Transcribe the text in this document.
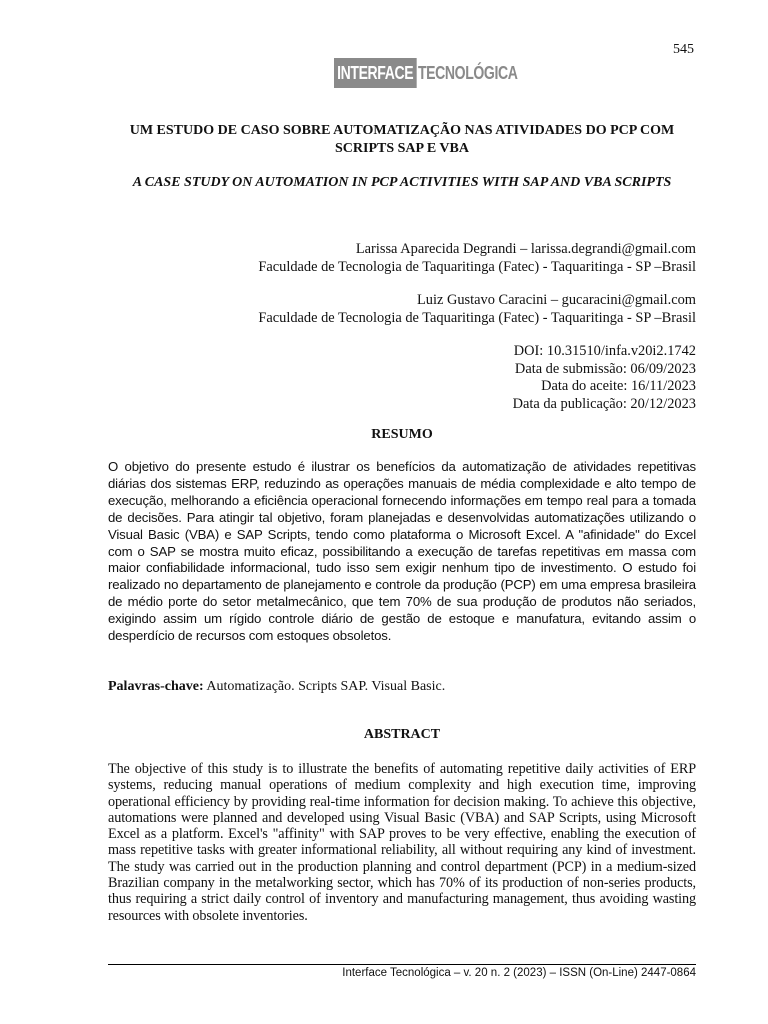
545
INTERFACE TECNOLÓGICA
UM ESTUDO DE CASO SOBRE AUTOMATIZAÇÃO NAS ATIVIDADES DO PCP COM SCRIPTS SAP E VBA
A CASE STUDY ON AUTOMATION IN PCP ACTIVITIES WITH SAP AND VBA SCRIPTS
Larissa Aparecida Degrandi – larissa.degrandi@gmail.com
Faculdade de Tecnologia de Taquaritinga (Fatec) - Taquaritinga - SP –Brasil
Luiz Gustavo Caracini – gucaracini@gmail.com
Faculdade de Tecnologia de Taquaritinga (Fatec) - Taquaritinga - SP –Brasil
DOI: 10.31510/infa.v20i2.1742
Data de submissão: 06/09/2023
Data do aceite: 16/11/2023
Data da publicação: 20/12/2023
RESUMO
O objetivo do presente estudo é ilustrar os benefícios da automatização de atividades repetitivas diárias dos sistemas ERP, reduzindo as operações manuais de média complexidade e alto tempo de execução, melhorando a eficiência operacional fornecendo informações em tempo real para a tomada de decisões. Para atingir tal objetivo, foram planejadas e desenvolvidas automatizações utilizando o Visual Basic (VBA) e SAP Scripts, tendo como plataforma o Microsoft Excel. A "afinidade" do Excel com o SAP se mostra muito eficaz, possibilitando a execução de tarefas repetitivas em massa com maior confiabilidade informacional, tudo isso sem exigir nenhum tipo de investimento. O estudo foi realizado no departamento de planejamento e controle da produção (PCP) em uma empresa brasileira de médio porte do setor metalmecânico, que tem 70% de sua produção de produtos não seriados, exigindo assim um rígido controle diário de gestão de estoque e manufatura, evitando assim o desperdício de recursos com estoques obsoletos.
Palavras-chave: Automatização. Scripts SAP. Visual Basic.
ABSTRACT
The objective of this study is to illustrate the benefits of automating repetitive daily activities of ERP systems, reducing manual operations of medium complexity and high execution time, improving operational efficiency by providing real-time information for decision making. To achieve this objective, automations were planned and developed using Visual Basic (VBA) and SAP Scripts, using Microsoft Excel as a platform. Excel's "affinity" with SAP proves to be very effective, enabling the execution of mass repetitive tasks with greater informational reliability, all without requiring any kind of investment. The study was carried out in the production planning and control department (PCP) in a medium-sized Brazilian company in the metalworking sector, which has 70% of its production of non-series products, thus requiring a strict daily control of inventory and manufacturing management, thus avoiding wasting resources with obsolete inventories.
Interface Tecnológica – v. 20 n. 2 (2023) – ISSN (On-Line) 2447-0864
